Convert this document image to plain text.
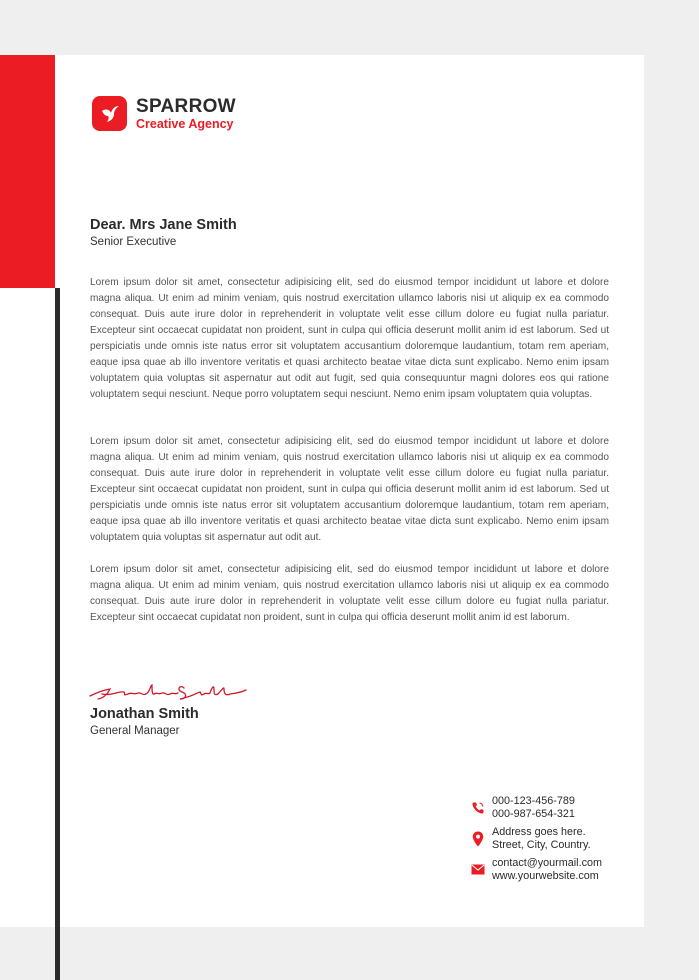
SPARROW
Creative Agency
Dear. Mrs Jane Smith
Senior Executive

Lorem ipsum dolor sit amet, consectetur adipisicing elit, sed do eiusmod tempor incididunt ut labore et dolore magna aliqua. Ut enim ad minim veniam, quis nostrud exercitation ullamco laboris nisi ut aliquip ex ea commodo consequat. Duis aute irure dolor in reprehenderit in voluptate velit esse cillum dolore eu fugiat nulla pariatur. Excepteur sint occaecat cupidatat non proident, sunt in culpa qui officia deserunt mollit anim id est laborum. Sed ut perspiciatis unde omnis iste natus error sit voluptatem accusantium doloremque laudantium, totam rem aperiam, eaque ipsa quae ab illo inventore veritatis et quasi architecto beatae vitae dicta sunt explicabo. Nemo enim ipsam voluptatem quia voluptas sit aspernatur aut odit aut fugit, sed quia consequuntur magni dolores eos qui ratione voluptatem sequi nesciunt. Neque porro voluptatem sequi nesciunt. Nemo enim ipsam voluptatem quia voluptas.

Lorem ipsum dolor sit amet, consectetur adipisicing elit, sed do eiusmod tempor incididunt ut labore et dolore magna aliqua. Ut enim ad minim veniam, quis nostrud exercitation ullamco laboris nisi ut aliquip ex ea commodo consequat. Duis aute irure dolor in reprehenderit in voluptate velit esse cillum dolore eu fugiat nulla pariatur. Excepteur sint occaecat cupidatat non proident, sunt in culpa qui officia deserunt mollit anim id est laborum. Sed ut perspiciatis unde omnis iste natus error sit voluptatem accusantium doloremque laudantium, totam rem aperiam, eaque ipsa quae ab illo inventore veritatis et quasi architecto beatae vitae dicta sunt explicabo. Nemo enim ipsam voluptatem quia voluptas sit aspernatur aut odit aut.

Lorem ipsum dolor sit amet, consectetur adipisicing elit, sed do eiusmod tempor incididunt ut labore et dolore magna aliqua. Ut enim ad minim veniam, quis nostrud exercitation ullamco laboris nisi ut aliquip ex ea commodo consequat. Duis aute irure dolor in reprehenderit in voluptate velit esse cillum dolore eu fugiat nulla pariatur. Excepteur sint occaecat cupidatat non proident, sunt in culpa qui officia deserunt mollit anim id est laborum.

Jonathan Smith
General Manager
000-123-456-789
000-987-654-321
Address goes here.
Street, City, Country.
contact@yourmail.com
www.yourwebsite.com
